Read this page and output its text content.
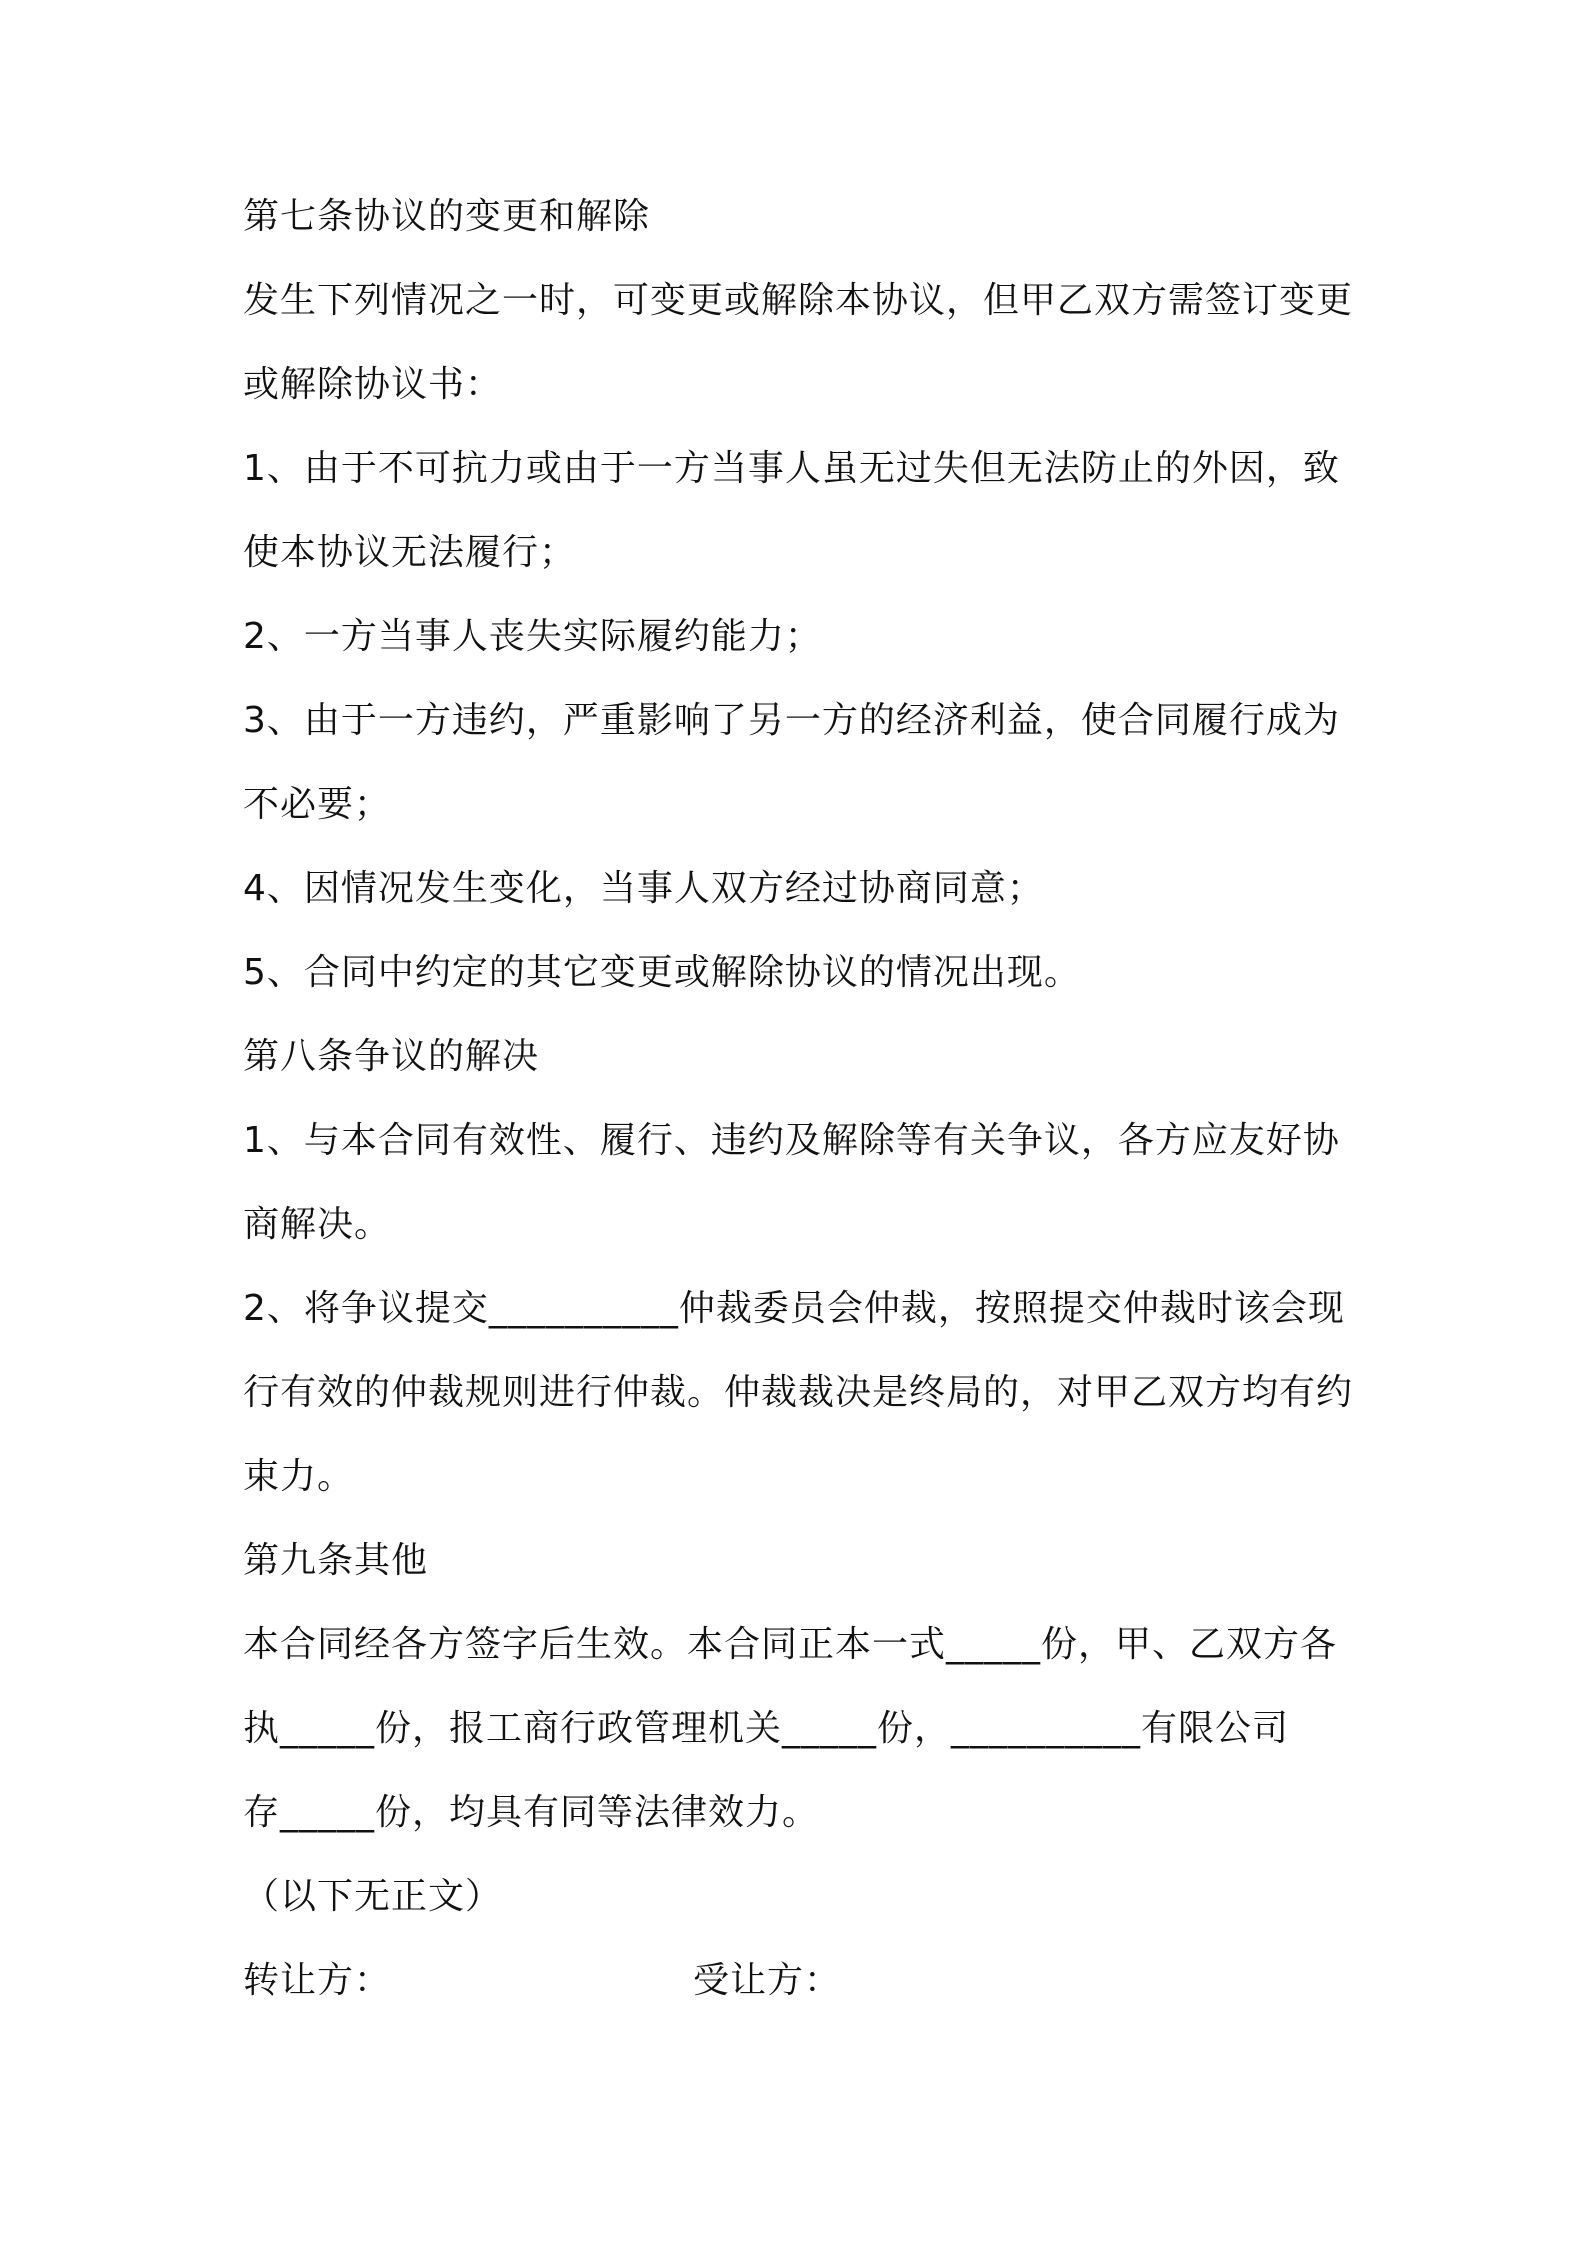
第七条协议的变更和解除
发生下列情况之一时，可变更或解除本协议，但甲乙双方需签订变更
或解除协议书：
1、由于不可抗力或由于一方当事人虽无过失但无法防止的外因，致
使本协议无法履行；
2、一方当事人丧失实际履约能力；
3、由于一方违约，严重影响了另一方的经济利益，使合同履行成为
不必要；
4、因情况发生变化，当事人双方经过协商同意；
5、合同中约定的其它变更或解除协议的情况出现。
第八条争议的解决
1、与本合同有效性、履行、违约及解除等有关争议，各方应友好协
商解决。
2、将争议提交__________仲裁委员会仲裁，按照提交仲裁时该会现
行有效的仲裁规则进行仲裁。仲裁裁决是终局的，对甲乙双方均有约
束力。
第九条其他
本合同经各方签字后生效。本合同正本一式_____份，甲、乙双方各
执_____份，报工商行政管理机关_____份，__________有限公司
存_____份，均具有同等法律效力。
（以下无正文）
转让方：	受让方：
